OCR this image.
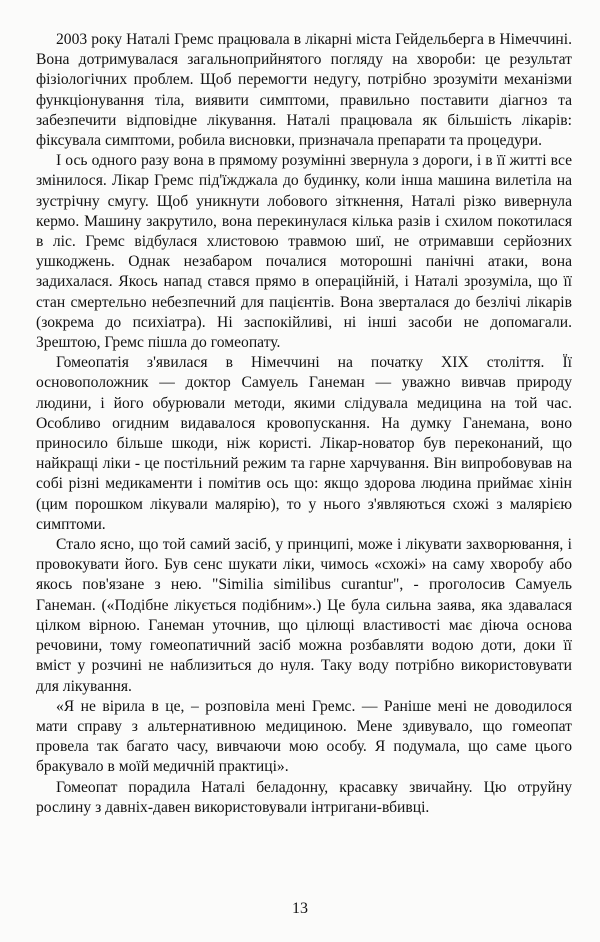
2003 року Наталі Гремс працювала в лікарні міста Гейдельберга в Німеччині. Вона дотримувалася загальноприйнятого погляду на хвороби: це результат фізіологічних проблем. Щоб перемогти недугу, потрібно зрозуміти механізми функціонування тіла, виявити симптоми, правильно поставити діагноз та забезпечити відповідне лікування. Наталі працювала як більшість лікарів: фіксувала симптоми, робила висновки, призначала препарати та процедури.

І ось одного разу вона в прямому розумінні звернула з дороги, і в її житті все змінилося. Лікар Гремс під'їжджала до будинку, коли інша машина вилетіла на зустрічну смугу. Щоб уникнути лобового зіткнення, Наталі різко вивернула кермо. Машину закрутило, вона перекинулася кілька разів і схилом покотилася в ліс. Гремс відбулася хлистовою травмою шиї, не отримавши серйозних ушкоджень. Однак незабаром почалися моторошні панічні атаки, вона задихалася. Якось напад стався прямо в операційній, і Наталі зрозуміла, що її стан смертельно небезпечний для пацієнтів. Вона зверталася до безлічі лікарів (зокрема до психіатра). Ні заспокійливі, ні інші засоби не допомагали. Зрештою, Гремс пішла до гомеопату.

Гомеопатія з'явилася в Німеччині на початку XIX століття. Її основоположник — доктор Самуель Ганеман — уважно вивчав природу людини, і його обурювали методи, якими слідувала медицина на той час. Особливо огидним видавалося кровопускання. На думку Ганемана, воно приносило більше шкоди, ніж користі. Лікар-новатор був переконаний, що найкращі ліки - це постільний режим та гарне харчування. Він випробовував на собі різні медикаменти і помітив ось що: якщо здорова людина приймає хінін (цим порошком лікували малярію), то у нього з'являються схожі з малярією симптоми.

Стало ясно, що той самий засіб, у принципі, може і лікувати захворювання, і провокувати його. Був сенс шукати ліки, чимось «схожі» на саму хворобу або якось пов'язане з нею. "Similia similibus curantur", - проголосив Самуель Ганеман. («Подібне лікується подібним».) Це була сильна заява, яка здавалася цілком вірною. Ганеман уточнив, що цілющі властивості має діюча основа речовини, тому гомеопатичний засіб можна розбавляти водою доти, доки її вміст у розчині не наблизиться до нуля. Таку воду потрібно використовувати для лікування.

«Я не вірила в це, – розповіла мені Гремс. — Раніше мені не доводилося мати справу з альтернативною медициною. Мене здивувало, що гомеопат провела так багато часу, вивчаючи мою особу. Я подумала, що саме цього бракувало в моїй медичній практиці».

Гомеопат порадила Наталі беладонну, красавку звичайну. Цю отруйну рослину з давніх-давен використовували інтригани-вбивці.

13
